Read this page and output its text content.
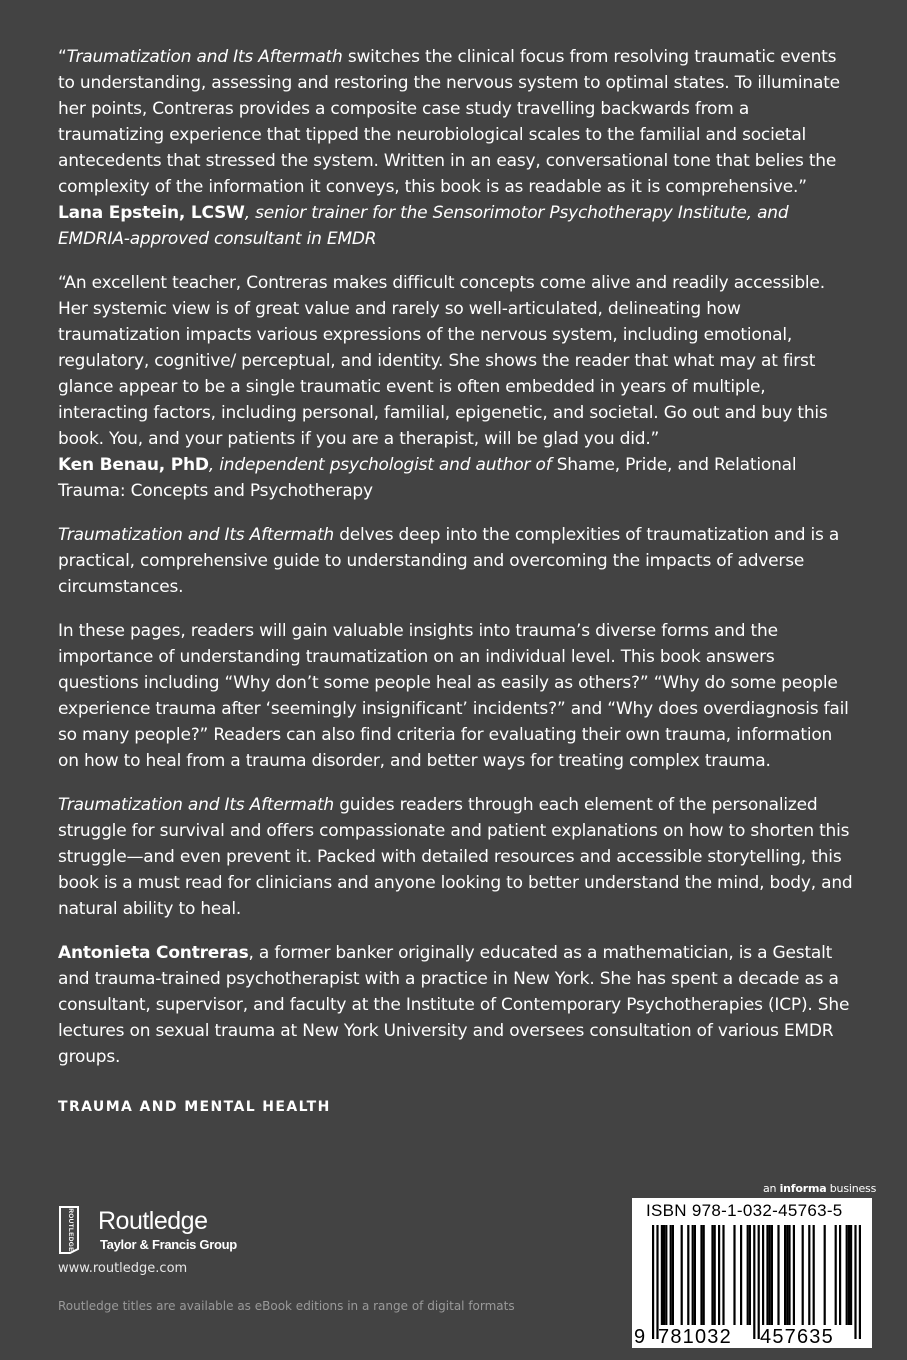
“Traumatization and Its Aftermath switches the clinical focus from resolving traumatic events to understanding, assessing and restoring the nervous system to optimal states. To illuminate her points, Contreras provides a composite case study travelling backwards from a traumatizing experience that tipped the neurobiological scales to the familial and societal antecedents that stressed the system. Written in an easy, conversational tone that belies the complexity of the information it conveys, this book is as readable as it is comprehensive.”

Lana Epstein, LCSW, senior trainer for the Sensorimotor Psychotherapy Institute, and EMDRIA-approved consultant in EMDR

“An excellent teacher, Contreras makes difficult concepts come alive and readily accessible. Her systemic view is of great value and rarely so well-articulated, delineating how traumatization impacts various expressions of the nervous system, including emotional, regulatory, cognitive/ perceptual, and identity. She shows the reader that what may at first glance appear to be a single traumatic event is often embedded in years of multiple, interacting factors, including personal, familial, epigenetic, and societal. Go out and buy this book. You, and your patients if you are a therapist, will be glad you did.”

Ken Benau, PhD, independent psychologist and author of Shame, Pride, and Relational Trauma: Concepts and Psychotherapy

Traumatization and Its Aftermath delves deep into the complexities of traumatization and is a practical, comprehensive guide to understanding and overcoming the impacts of adverse circumstances.

In these pages, readers will gain valuable insights into trauma’s diverse forms and the importance of understanding traumatization on an individual level. This book answers questions including “Why don’t some people heal as easily as others?” “Why do some people experience trauma after ‘seemingly insignificant’ incidents?” and “Why does overdiagnosis fail so many people?” Readers can also find criteria for evaluating their own trauma, information on how to heal from a trauma disorder, and better ways for treating complex trauma.

Traumatization and Its Aftermath guides readers through each element of the personalized struggle for survival and offers compassionate and patient explanations on how to shorten this struggle—and even prevent it. Packed with detailed resources and accessible storytelling, this book is a must read for clinicians and anyone looking to better understand the mind, body, and natural ability to heal.

Antonieta Contreras, a former banker originally educated as a mathematician, is a Gestalt and trauma-trained psychotherapist with a practice in New York. She has spent a decade as a consultant, supervisor, and faculty at the Institute of Contemporary Psychotherapies (ICP). She lectures on sexual trauma at New York University and oversees consultation of various EMDR groups.

TRAUMA AND MENTAL HEALTH
ROUTLEDGE Routledge
Taylor & Francis Group
www.routledge.com
Routledge titles are available as eBook editions in a range of digital formats
an informa business
ISBN 978-1-032-45763-5
9 781032 457635
